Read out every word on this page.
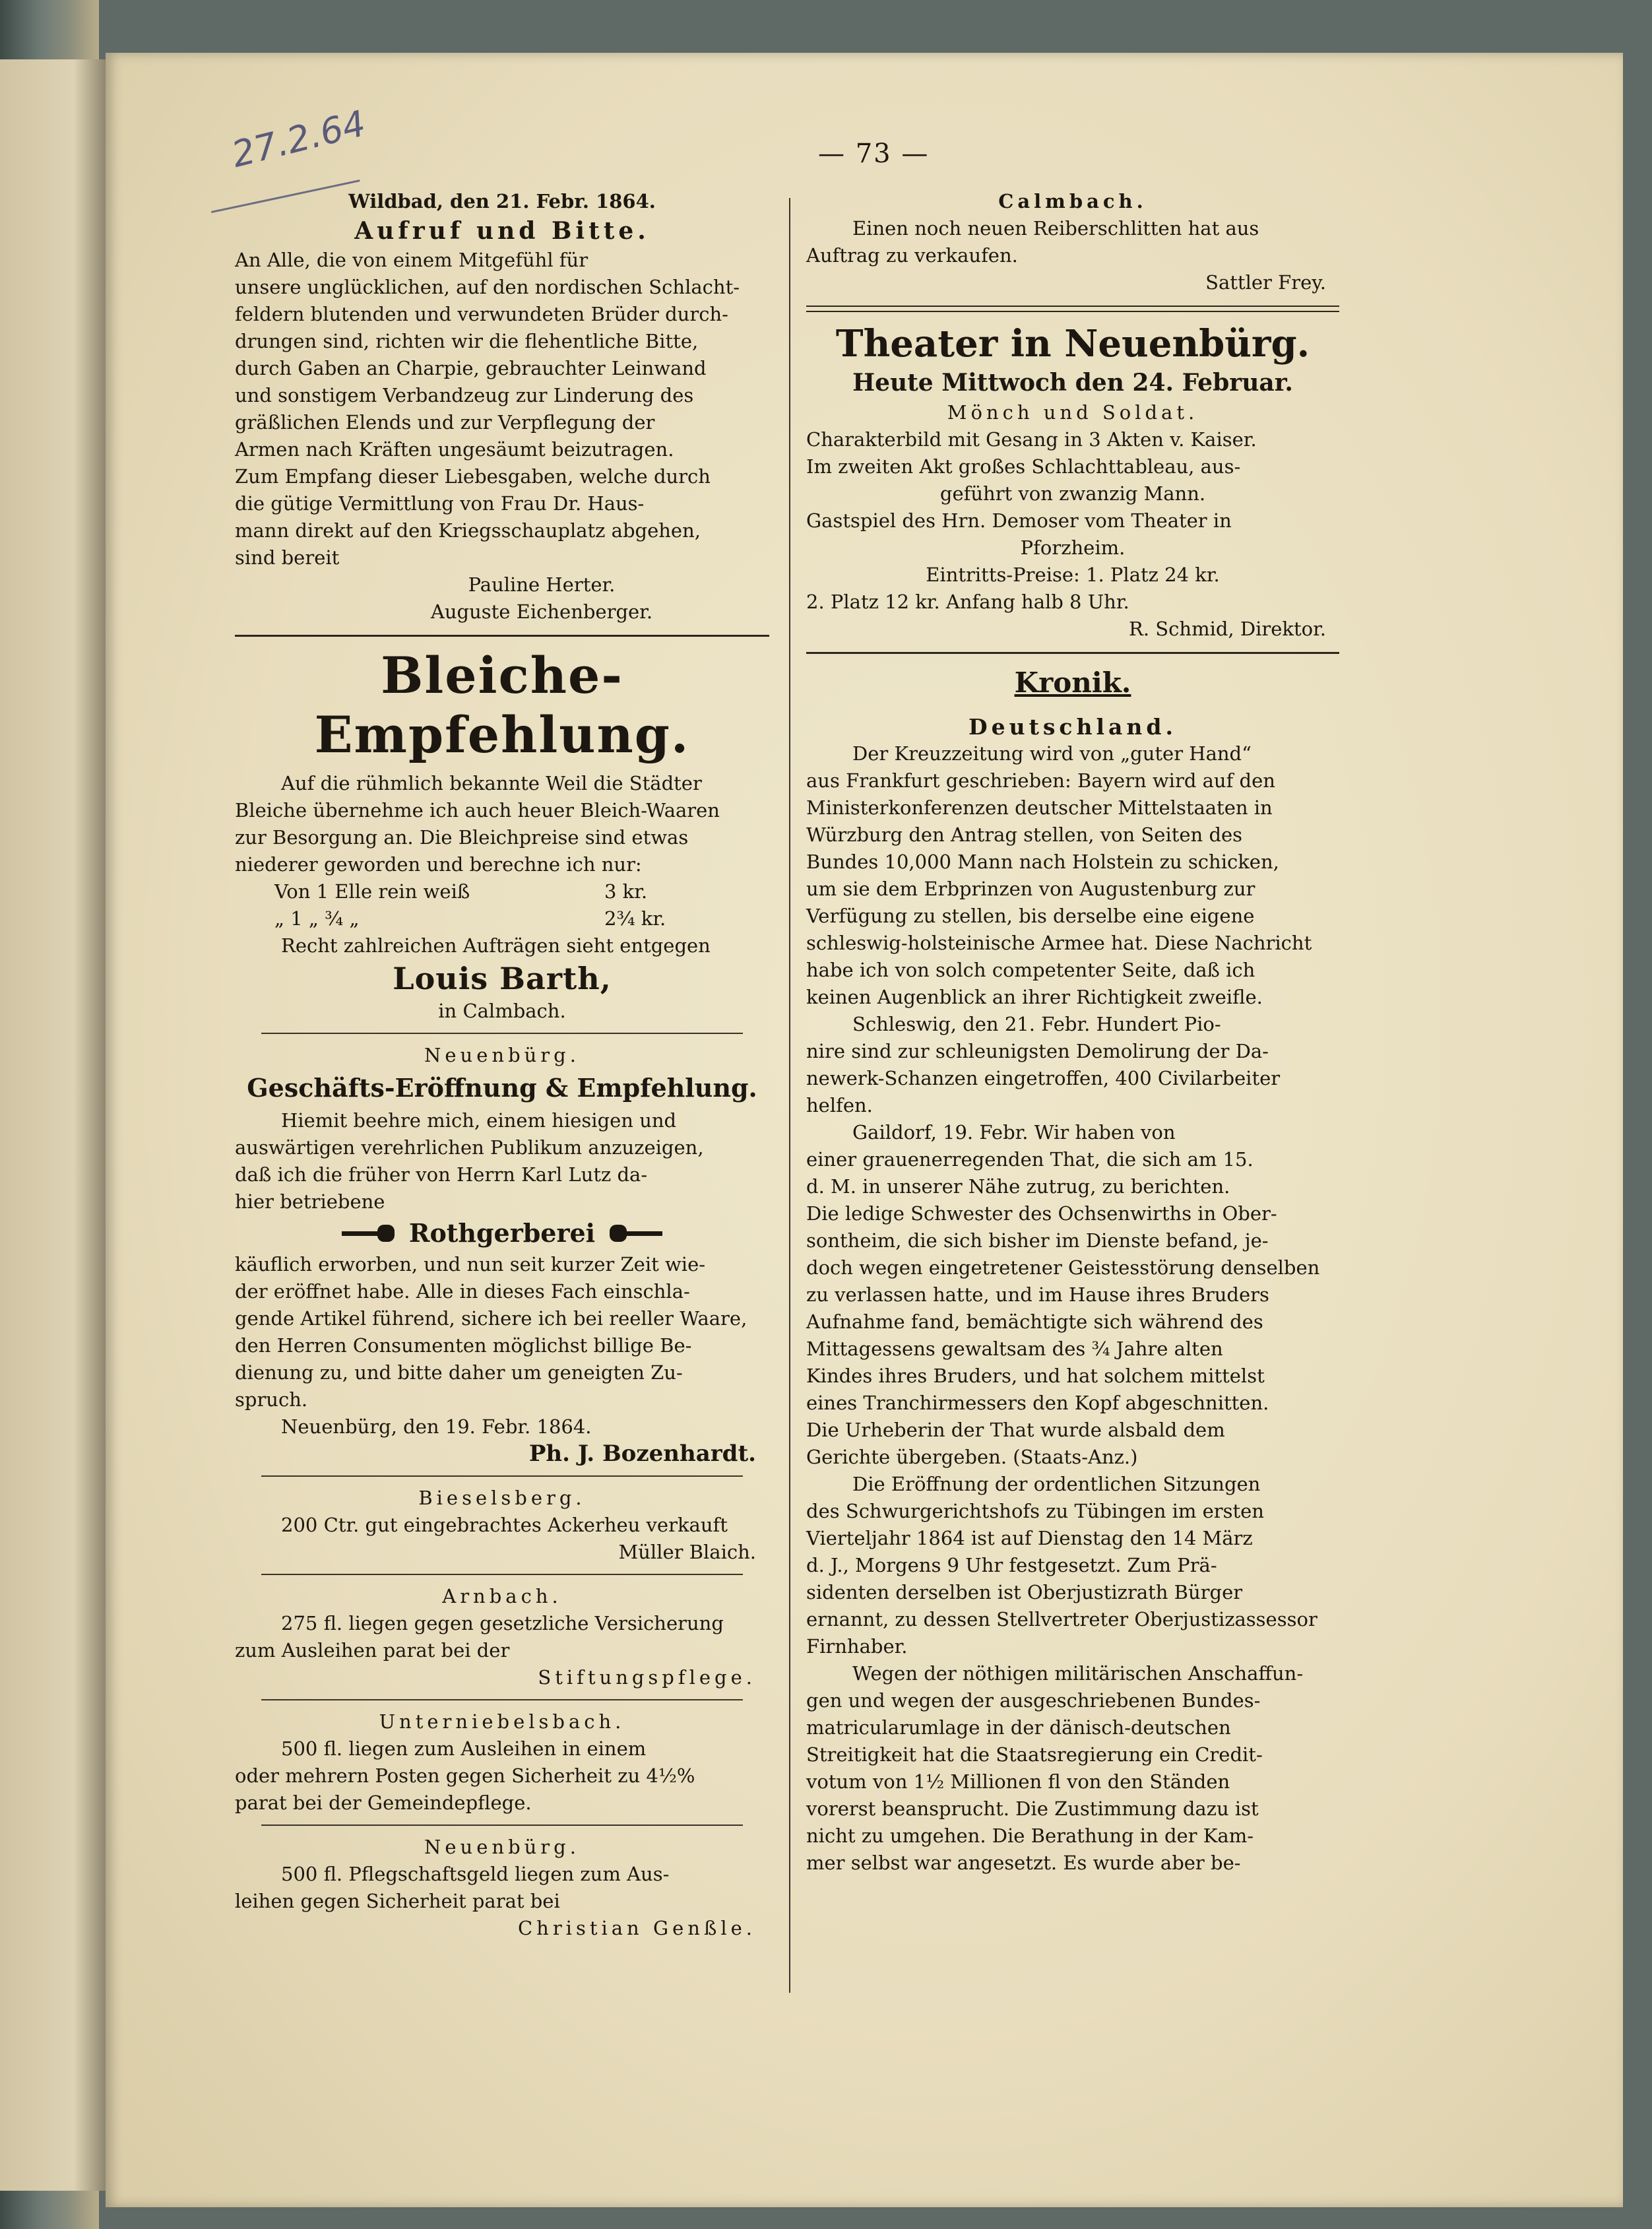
27.2.64	— 73 —

Wildbad, den 21. Febr. 1864.

Aufruf und Bitte.

An Alle, die von einem Mitgefühl für

unsere unglücklichen, auf den nordischen Schlacht-

feldern blutenden und verwundeten Brüder durch-

drungen sind, richten wir die flehentliche Bitte,

durch Gaben an Charpie, gebrauchter Leinwand

und sonstigem Verbandzeug zur Linderung des

gräßlichen Elends und zur Verpflegung der

Armen nach Kräften ungesäumt beizutragen.

Zum Empfang dieser Liebesgaben, welche durch

die gütige Vermittlung von Frau Dr. Haus-

mann direkt auf den Kriegsschauplatz abgehen,

sind bereit

Pauline Herter.

Auguste Eichenberger.

Bleiche-Empfehlung.

Auf die rühmlich bekannte Weil die Städter

Bleiche übernehme ich auch heuer Bleich-Waaren

zur Besorgung an. Die Bleichpreise sind etwas

niederer geworden und berechne ich nur:

Von 1 Elle rein weiß	3 kr.
„ 1 „ ¾ „	2¾ kr.

Recht zahlreichen Aufträgen sieht entgegen

Louis Barth,

in Calmbach.

Neuenbürg.

Geschäfts-Eröffnung & Empfehlung.

Hiemit beehre mich, einem hiesigen und

auswärtigen verehrlichen Publikum anzuzeigen,

daß ich die früher von Herrn Karl Lutz da-

hier betriebene

Rothgerberei

käuflich erworben, und nun seit kurzer Zeit wie-

der eröffnet habe. Alle in dieses Fach einschla-

gende Artikel führend, sichere ich bei reeller Waare,

den Herren Consumenten möglichst billige Be-

dienung zu, und bitte daher um geneigten Zu-

spruch.

Neuenbürg, den 19. Febr. 1864.

Ph. J. Bozenhardt.

Bieselsberg.

200 Ctr. gut eingebrachtes Ackerheu verkauft

Müller Blaich.

Arnbach.

275 fl. liegen gegen gesetzliche Versicherung

zum Ausleihen parat bei der

Stiftungspflege.

Unterniebelsbach.

500 fl. liegen zum Ausleihen in einem

oder mehrern Posten gegen Sicherheit zu 4½%

parat bei der Gemeindepflege.

Neuenbürg.

500 fl. Pflegschaftsgeld liegen zum Aus-

leihen gegen Sicherheit parat bei

Christian Genßle.

Calmbach.

Einen noch neuen Reiberschlitten hat aus

Auftrag zu verkaufen.

Sattler Frey.

Theater in Neuenbürg.

Heute Mittwoch den 24. Februar.

Mönch und Soldat.

Charakterbild mit Gesang in 3 Akten v. Kaiser.

Im zweiten Akt großes Schlachttableau, aus-

geführt von zwanzig Mann.

Gastspiel des Hrn. Demoser vom Theater in

Pforzheim.

Eintritts-Preise: 1. Platz 24 kr.

2. Platz 12 kr. Anfang halb 8 Uhr.

R. Schmid, Direktor.

Kronik.

Deutschland.

Der Kreuzzeitung wird von „guter Hand“

aus Frankfurt geschrieben: Bayern wird auf den

Ministerkonferenzen deutscher Mittelstaaten in

Würzburg den Antrag stellen, von Seiten des

Bundes 10,000 Mann nach Holstein zu schicken,

um sie dem Erbprinzen von Augustenburg zur

Verfügung zu stellen, bis derselbe eine eigene

schleswig-holsteinische Armee hat. Diese Nachricht

habe ich von solch competenter Seite, daß ich

keinen Augenblick an ihrer Richtigkeit zweifle.

Schleswig, den 21. Febr. Hundert Pio-

nire sind zur schleunigsten Demolirung der Da-

newerk-Schanzen eingetroffen, 400 Civilarbeiter

helfen.

Gaildorf, 19. Febr. Wir haben von

einer grauenerregenden That, die sich am 15.

d. M. in unserer Nähe zutrug, zu berichten.

Die ledige Schwester des Ochsenwirths in Ober-

sontheim, die sich bisher im Dienste befand, je-

doch wegen eingetretener Geistesstörung denselben

zu verlassen hatte, und im Hause ihres Bruders

Aufnahme fand, bemächtigte sich während des

Mittagessens gewaltsam des ¾ Jahre alten

Kindes ihres Bruders, und hat solchem mittelst

eines Tranchirmessers den Kopf abgeschnitten.

Die Urheberin der That wurde alsbald dem

Gerichte übergeben. (Staats-Anz.)

Die Eröffnung der ordentlichen Sitzungen

des Schwurgerichtshofs zu Tübingen im ersten

Vierteljahr 1864 ist auf Dienstag den 14 März

d. J., Morgens 9 Uhr festgesetzt. Zum Prä-

sidenten derselben ist Oberjustizrath Bürger

ernannt, zu dessen Stellvertreter Oberjustizassessor

Firnhaber.

Wegen der nöthigen militärischen Anschaffun-

gen und wegen der ausgeschriebenen Bundes-

matricularumlage in der dänisch-deutschen

Streitigkeit hat die Staatsregierung ein Credit-

votum von 1½ Millionen fl von den Ständen

vorerst beansprucht. Die Zustimmung dazu ist

nicht zu umgehen. Die Berathung in der Kam-

mer selbst war angesetzt. Es wurde aber be-
